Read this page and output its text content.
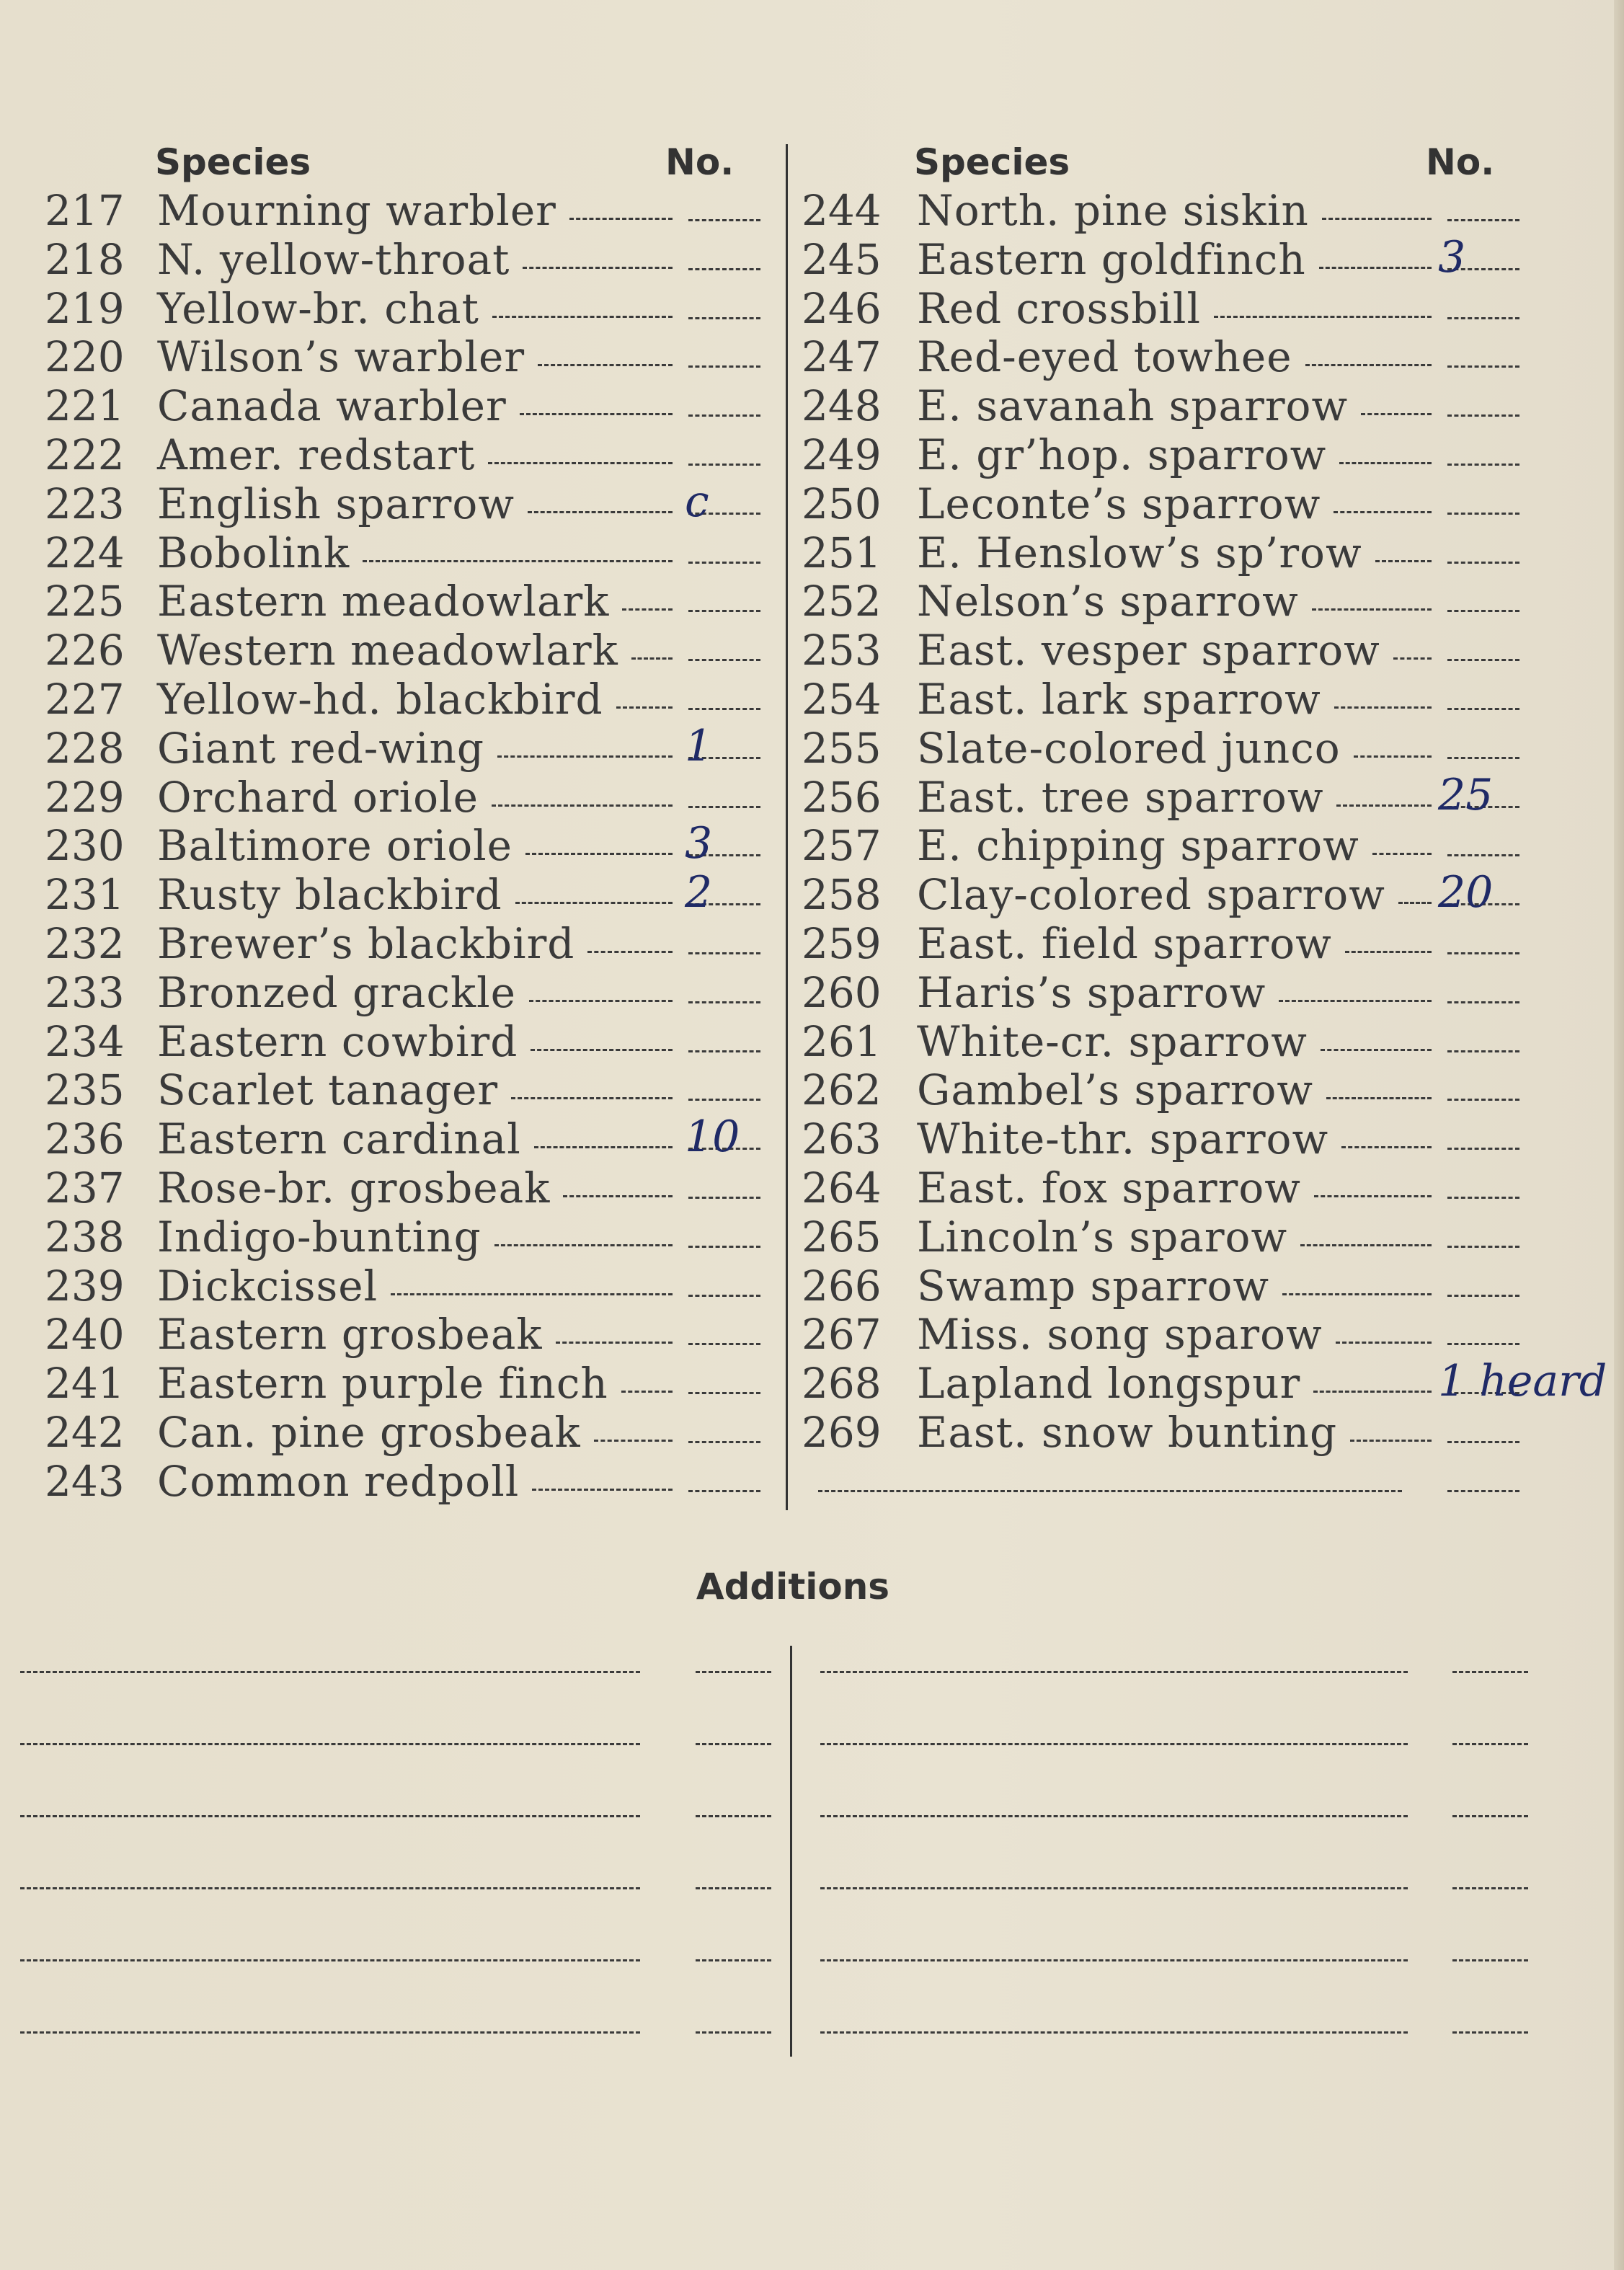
Species	No.	Species	No.
217 Mourning warbler
218 N. yellow-throat
219 Yellow-br. chat
220 Wilson’s warbler
221 Canada warbler
222 Amer. redstart
223 English sparrow	c
224 Bobolink
225 Eastern meadowlark
226 Western meadowlark
227 Yellow-hd. blackbird
228 Giant red-wing	1
229 Orchard oriole
230 Baltimore oriole	3
231 Rusty blackbird	2
232 Brewer’s blackbird
233 Bronzed grackle
234 Eastern cowbird
235 Scarlet tanager
236 Eastern cardinal	10
237 Rose-br. grosbeak
238 Indigo-bunting
239 Dickcissel
240 Eastern grosbeak
241 Eastern purple finch
242 Can. pine grosbeak
243 Common redpoll
244 North. pine siskin
245 Eastern goldfinch	3
246 Red crossbill
247 Red-eyed towhee
248 E. savanah sparrow
249 E. gr’hop. sparrow
250 Leconte’s sparrow
251 E. Henslow’s sp’row
252 Nelson’s sparrow
253 East. vesper sparrow
254 East. lark sparrow
255 Slate-colored junco
256 East. tree sparrow	25
257 E. chipping sparrow
258 Clay-colored sparrow 20
259 East. field sparrow
260 Haris’s sparrow
261 White-cr. sparrow
262 Gambel’s sparrow
263 White-thr. sparrow
264 East. fox sparrow
265 Lincoln’s sparow
266 Swamp sparrow
267 Miss. song sparow
268 Lapland longspur	1 heard
269 East. snow bunting
Additions
